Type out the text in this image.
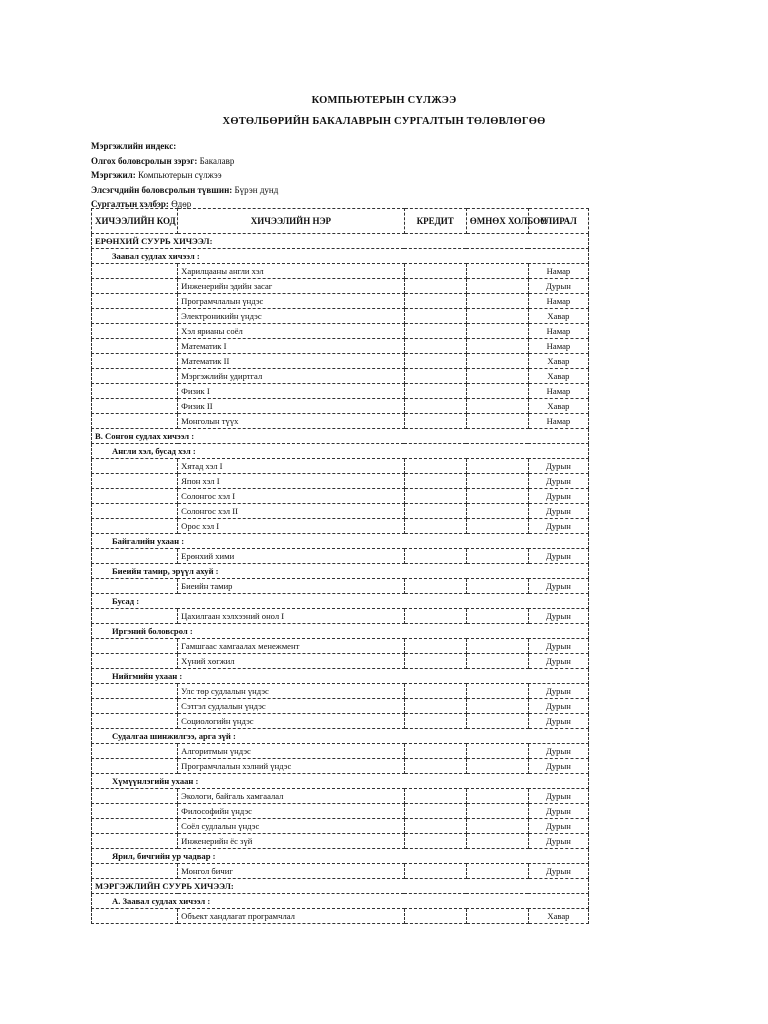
КОМПЬЮТЕРЫН СҮЛЖЭЭ
ХӨТӨЛБӨРИЙН БАКАЛАВРЫН СУРГАЛТЫН ТӨЛӨВЛӨГӨӨ
Мэргэжлийн индекс:
Олгох боловсролын зэрэг: Бакалавр
Мэргэжил: Компьютерын сүлжээ
Элсэгчдийн боловсролын түвшин: Бүрэн дунд
Сургалтын хэлбэр: Өдөр
ХИЧЭЭЛИЙН КОД	ХИЧЭЭЛИЙН НЭР	КРЕДИТ	ӨМНӨХ ХОЛБОО	УЛИРАЛ
ЕРӨНХИЙ СУУРЬ ХИЧЭЭЛ:				
Заавал судлах хичээл :				
	Харилцааны англи хэл			Намар
	Инженерийн эдийн засаг			Дурын
	Програмчлалын үндэс			Намар
	Электроникийн үндэс			Хавар
	Хэл ярианы соёл			Намар
	Математик I			Намар
	Математик II			Хавар
	Мэргэжлийн удиртгал			Хавар
	Физик I			Намар
	Физик II			Хавар
	Монголын түүх			Намар
В. Сонгон судлах хичээл :				
Англи хэл, бусад хэл :				
	Хятад хэл I			Дурын
	Япон хэл I			Дурын
	Солонгос хэл I			Дурын
	Солонгос хэл II			Дурын
	Орос хэл I			Дурын
Байгалийн ухаан :				
	Ерөнхий хими			Дурын
Биеийн тамир, эрүүл ахуй :				
	Биеийн тамир			Дурын
Бусад :				
	Цахилгаан хэлхээний онол I			Дурын
Иргэний боловсрол :				
	Гамшгаас хамгаалах менежмент			Дурын
	Хүний хөгжил			Дурын
Нийгмийн ухаан :				
	Улс төр судлалын үндэс			Дурын
	Сэтгэл судлалын үндэс			Дурын
	Социологийн үндэс			Дурын
Судалгаа шинжилгээ, арга зүй :				
	Алгоритмын үндэс			Дурын
	Програмчлалын хэлний үндэс			Дурын
Хүмүүнлэгийн ухаан :				
	Экологи, байгаль хамгаалал			Дурын
	Философийн үндэс			Дурын
	Соёл судлалын үндэс			Дурын
	Инженерийн ёс зүй			Дурын
Ярил, бичгийн ур чадвар :				
	Монгол бичиг			Дурын
МЭРГЭЖЛИЙН СУУРЬ ХИЧЭЭЛ:				
А. Заавал судлах хичээл :				
	Объект хандлагат програмчлал			Хавар
